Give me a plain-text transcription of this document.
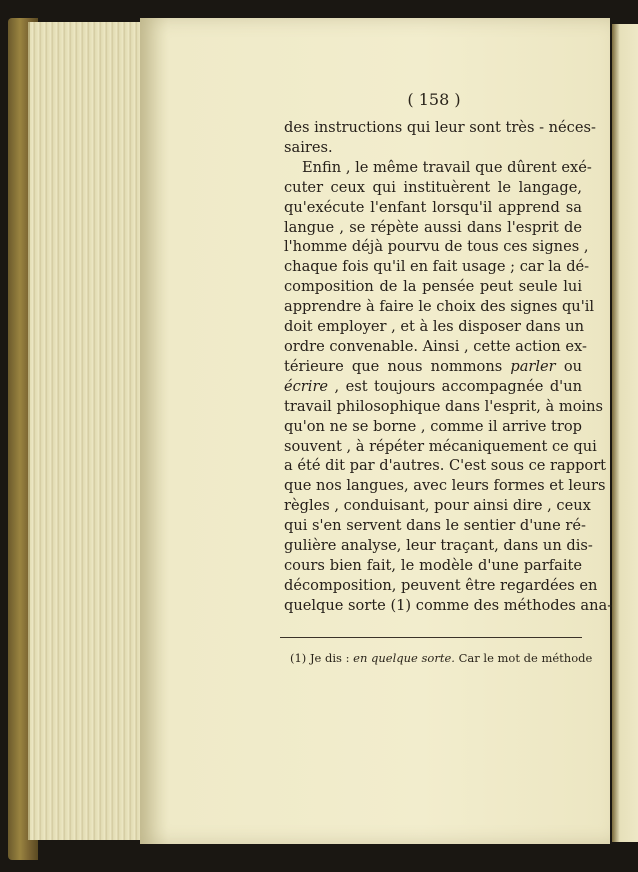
( 158 )
des instructions qui leur sont très - néces-
saires.
Enfin , le même travail que dûrent exé-
cuter ceux qui instituèrent le langage,
qu'exécute l'enfant lorsqu'il apprend sa
langue , se répète aussi dans l'esprit de
l'homme déjà pourvu de tous ces signes ,
chaque fois qu'il en fait usage ; car la dé-
composition de la pensée peut seule lui
apprendre à faire le choix des signes qu'il
doit employer , et à les disposer dans un
ordre convenable. Ainsi , cette action ex-
térieure que nous nommons parler ou
écrire , est toujours accompagnée d'un
travail philosophique dans l'esprit, à moins
qu'on ne se borne , comme il arrive trop
souvent , à répéter mécaniquement ce qui
a été dit par d'autres. C'est sous ce rapport
que nos langues, avec leurs formes et leurs
règles , conduisant, pour ainsi dire , ceux
qui s'en servent dans le sentier d'une ré-
gulière analyse, leur traçant, dans un dis-
cours bien fait, le modèle d'une parfaite
décomposition, peuvent être regardées en
quelque sorte (1) comme des méthodes ana-
(1) Je dis : en quelque sorte. Car le mot de méthode
